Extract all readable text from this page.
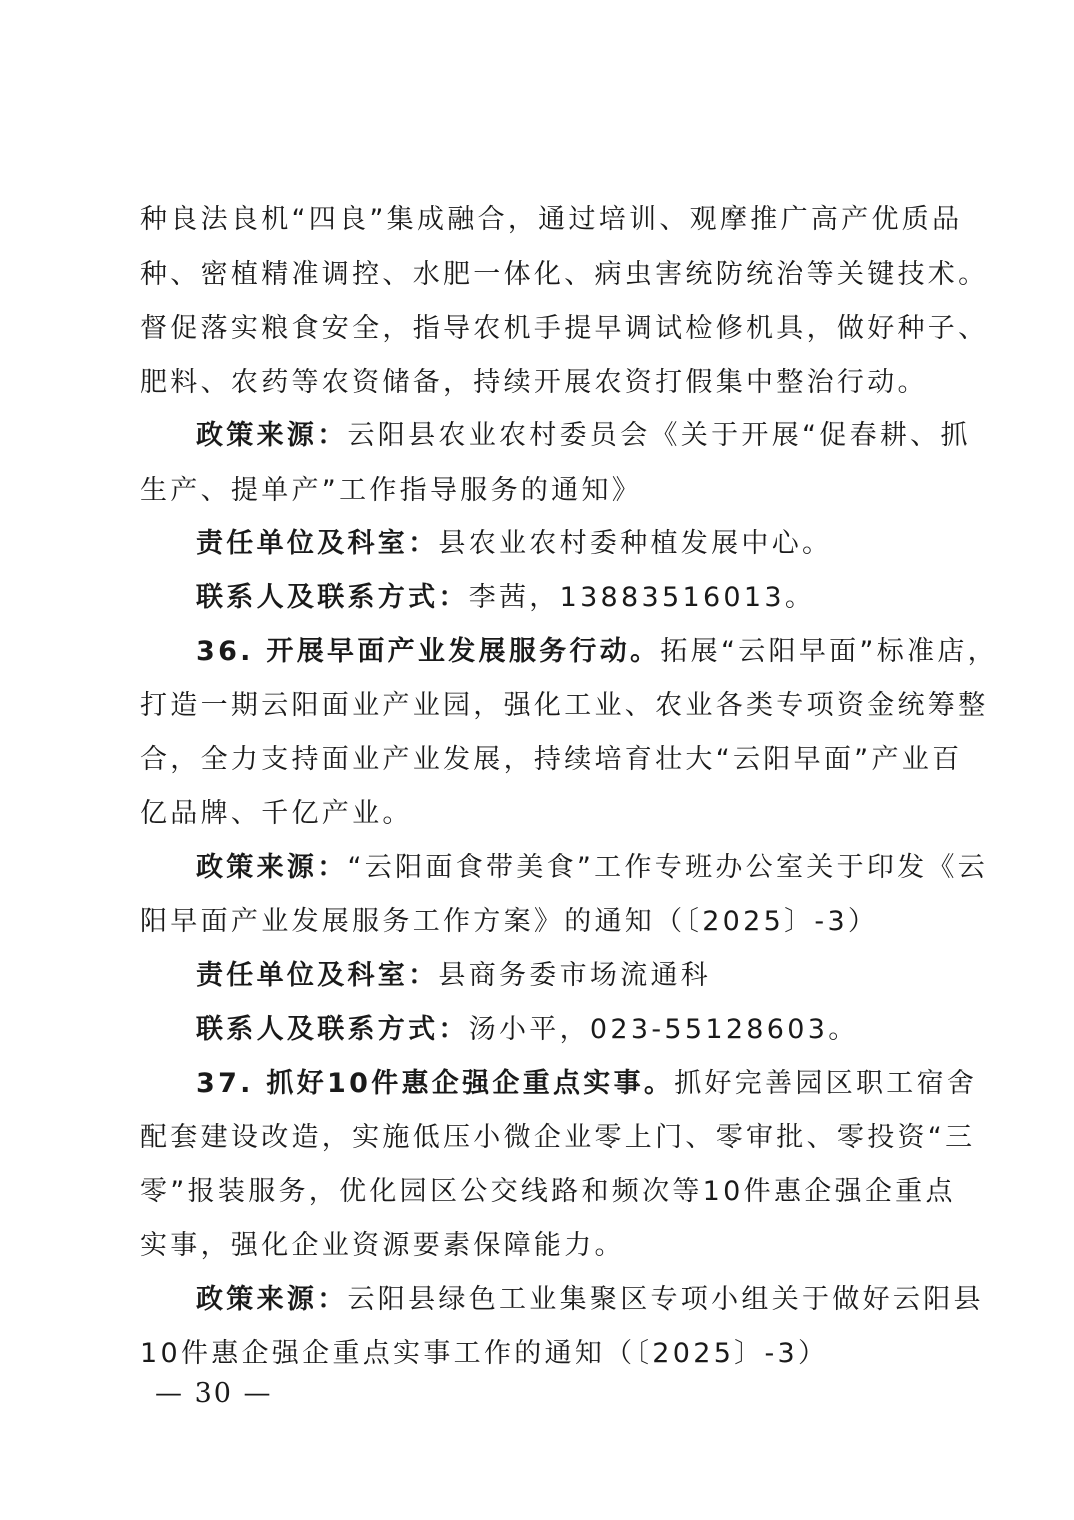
种良法良机“四良”集成融合，通过培训、观摩推广高产优质品
种、密植精准调控、水肥一体化、病虫害统防统治等关键技术。
督促落实粮食安全，指导农机手提早调试检修机具，做好种子、
肥料、农药等农资储备，持续开展农资打假集中整治行动。
政策来源：云阳县农业农村委员会《关于开展“促春耕、抓
生产、提单产”工作指导服务的通知》
责任单位及科室：县农业农村委种植发展中心。
联系人及联系方式：李茜，13883516013。
36. 开展早面产业发展服务行动。拓展“云阳早面”标准店，
打造一期云阳面业产业园，强化工业、农业各类专项资金统筹整
合，全力支持面业产业发展，持续培育壮大“云阳早面”产业百
亿品牌、千亿产业。
政策来源：“云阳面食带美食”工作专班办公室关于印发《云
阳早面产业发展服务工作方案》的通知（〔2025〕-3）
责任单位及科室：县商务委市场流通科
联系人及联系方式：汤小平，023-55128603。
37. 抓好10件惠企强企重点实事。抓好完善园区职工宿舍
配套建设改造，实施低压小微企业零上门、零审批、零投资“三
零”报装服务，优化园区公交线路和频次等10件惠企强企重点
实事，强化企业资源要素保障能力。
政策来源：云阳县绿色工业集聚区专项小组关于做好云阳县
10件惠企强企重点实事工作的通知（〔2025〕-3）
— 30 —
